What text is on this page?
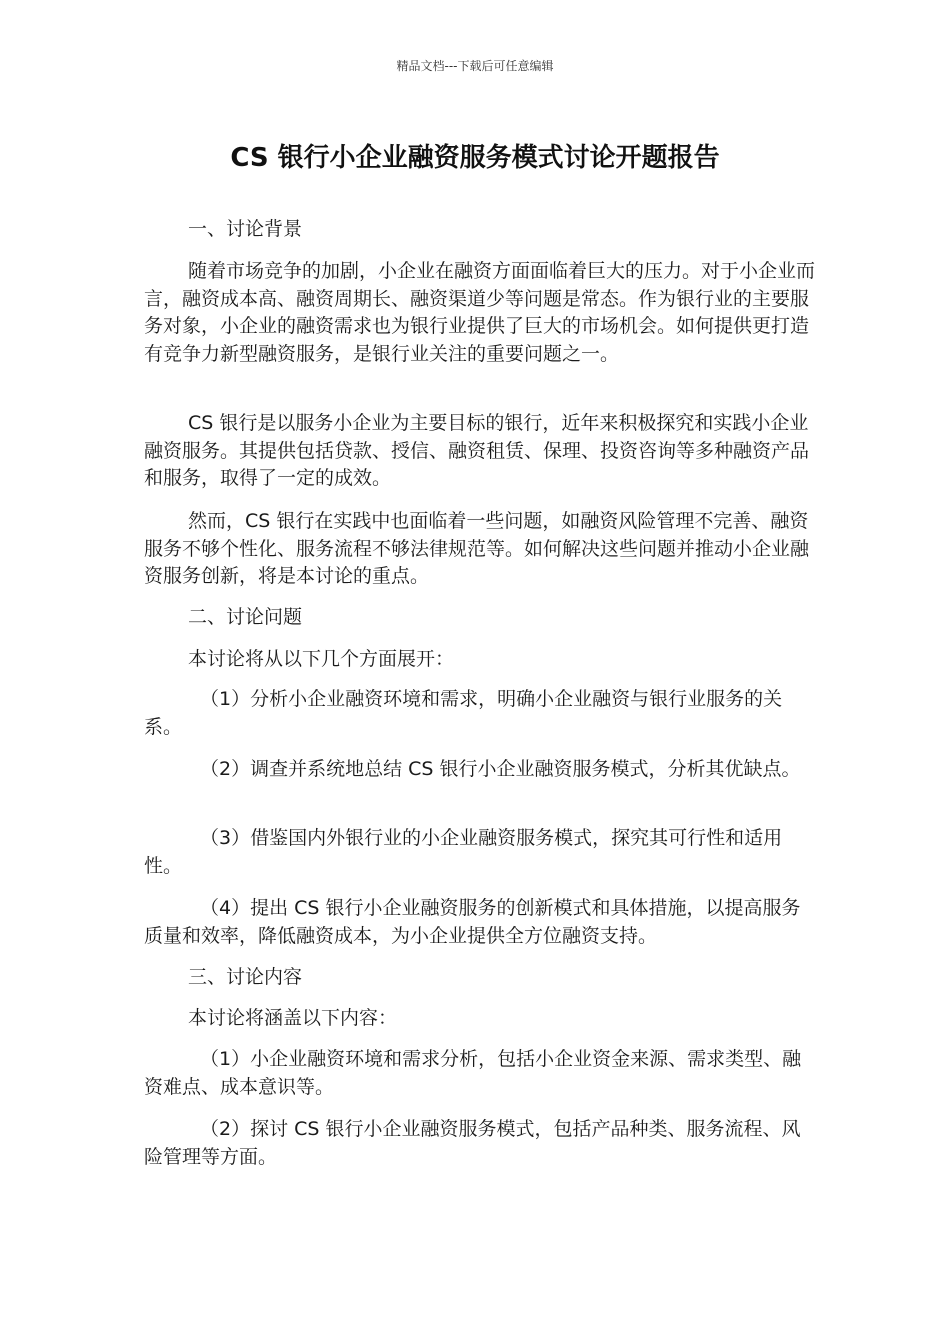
精品文档---下载后可任意编辑
CS 银行小企业融资服务模式讨论开题报告

一、讨论背景

随着市场竞争的加剧，小企业在融资方面面临着巨大的压力。对于小企业而言，融资成本高、融资周期长、融资渠道少等问题是常态。作为银行业的主要服务对象，小企业的融资需求也为银行业提供了巨大的市场机会。如何提供更打造有竞争力新型融资服务，是银行业关注的重要问题之一。

CS 银行是以服务小企业为主要目标的银行，近年来积极探究和实践小企业融资服务。其提供包括贷款、授信、融资租赁、保理、投资咨询等多种融资产品和服务，取得了一定的成效。

然而，CS 银行在实践中也面临着一些问题，如融资风险管理不完善、融资服务不够个性化、服务流程不够法律规范等。如何解决这些问题并推动小企业融资服务创新，将是本讨论的重点。

二、讨论问题

本讨论将从以下几个方面展开：

（1）分析小企业融资环境和需求，明确小企业融资与银行业服务的关系。

（2）调查并系统地总结 CS 银行小企业融资服务模式，分析其优缺点。

（3）借鉴国内外银行业的小企业融资服务模式，探究其可行性和适用性。

（4）提出 CS 银行小企业融资服务的创新模式和具体措施，以提高服务质量和效率，降低融资成本，为小企业提供全方位融资支持。

三、讨论内容

本讨论将涵盖以下内容：

（1）小企业融资环境和需求分析，包括小企业资金来源、需求类型、融资难点、成本意识等。

（2）探讨 CS 银行小企业融资服务模式，包括产品种类、服务流程、风险管理等方面。
